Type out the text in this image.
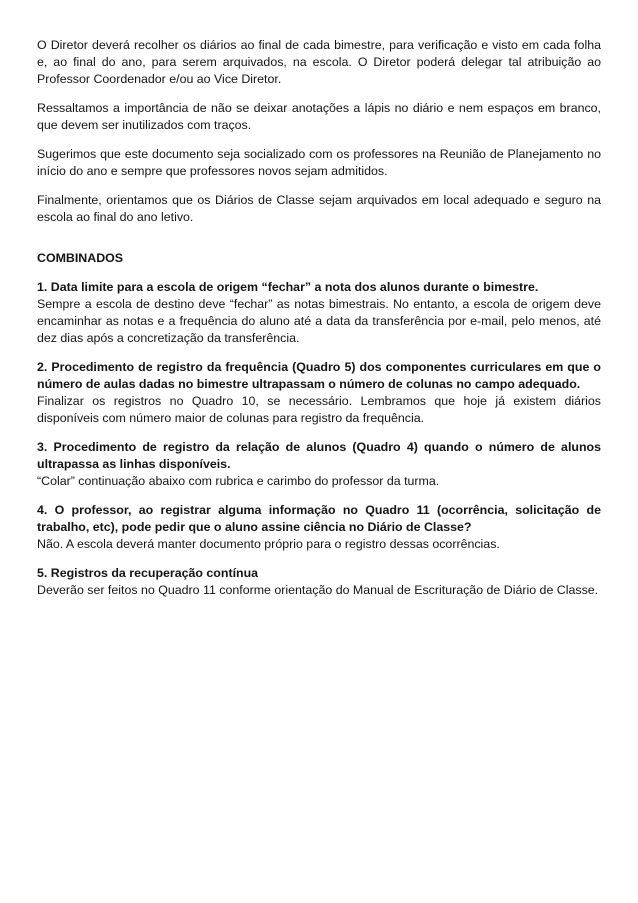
O Diretor deverá recolher os diários ao final de cada bimestre, para verificação e visto em cada folha e, ao final do ano, para serem arquivados, na escola. O Diretor poderá delegar tal atribuição ao Professor Coordenador e/ou ao Vice Diretor.

Ressaltamos a importância de não se deixar anotações a lápis no diário e nem espaços em branco, que devem ser inutilizados com traços.

Sugerimos que este documento seja socializado com os professores na Reunião de Planejamento no início do ano e sempre que professores novos sejam admitidos.

Finalmente, orientamos que os Diários de Classe sejam arquivados em local adequado e seguro na escola ao final do ano letivo.

COMBINADOS
1. Data limite para a escola de origem “fechar” a nota dos alunos durante o bimestre.
Sempre a escola de destino deve “fechar” as notas bimestrais. No entanto, a escola de origem deve encaminhar as notas e a frequência do aluno até a data da transferência por e-mail, pelo menos, até dez dias após a concretização da transferência.
2. Procedimento de registro da frequência (Quadro 5) dos componentes curriculares em que o número de aulas dadas no bimestre ultrapassam o número de colunas no campo adequado.
Finalizar os registros no Quadro 10, se necessário. Lembramos que hoje já existem diários disponíveis com número maior de colunas para registro da frequência.
3. Procedimento de registro da relação de alunos (Quadro 4) quando o número de alunos ultrapassa as linhas disponíveis.
“Colar” continuação abaixo com rubrica e carimbo do professor da turma.
4. O professor, ao registrar alguma informação no Quadro 11 (ocorrência, solicitação de trabalho, etc), pode pedir que o aluno assine ciência no Diário de Classe?
Não. A escola deverá manter documento próprio para o registro dessas ocorrências.
5. Registros da recuperação contínua
Deverão ser feitos no Quadro 11 conforme orientação do Manual de Escrituração de Diário de Classe.
